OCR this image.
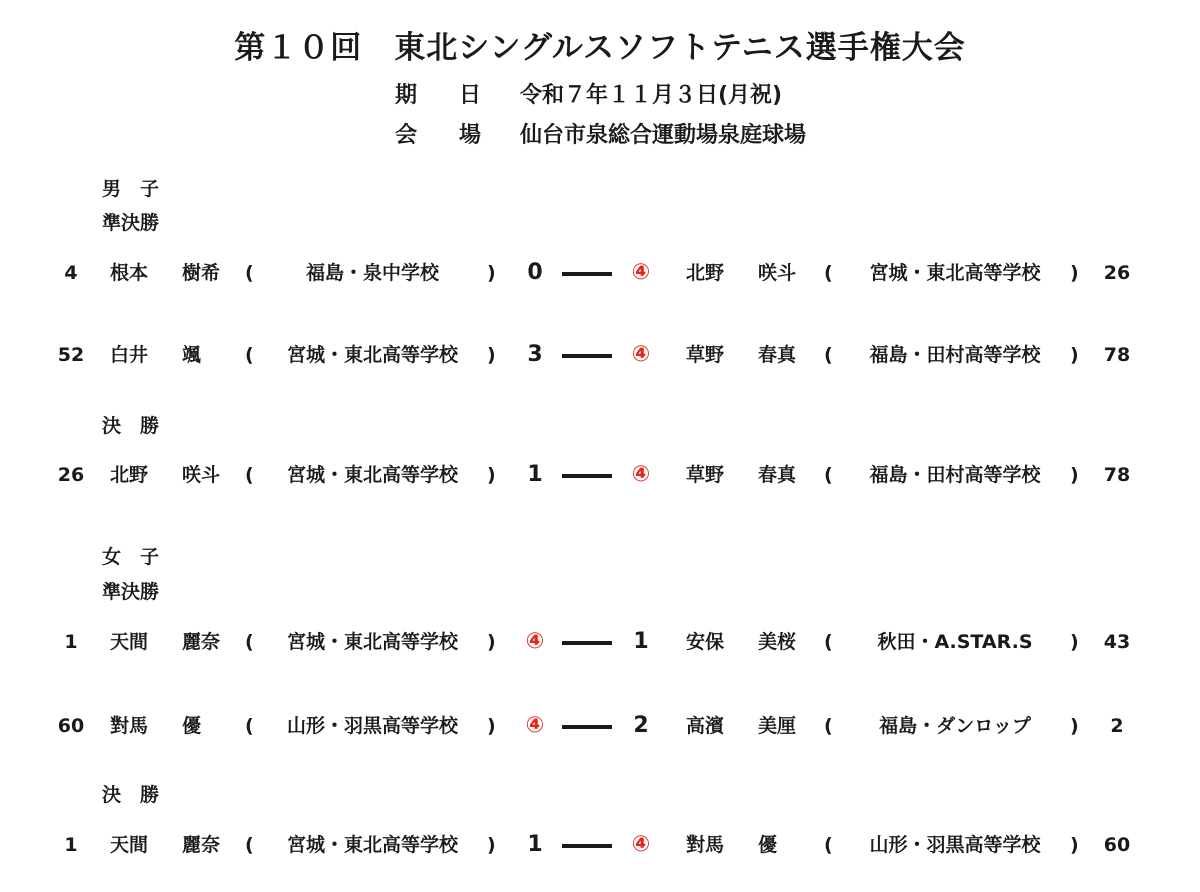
第１０回　東北シングルスソフトテニス選手権大会
期　日 令和７年１１月３日(月祝)
会　場 仙台市泉総合運動場泉庭球場
男　子
準決勝
決　勝
女　子
準決勝
決　勝
4	根本 樹希 (	福島・泉中学校	)	0	④	北野 咲斗 (	宮城・東北高等学校	)	26
52	白井 颯 (	宮城・東北高等学校	)	3	④	草野 春真 (	福島・田村高等学校	)	78
26	北野 咲斗 (	宮城・東北高等学校	)	1	④	草野 春真 (	福島・田村高等学校	)	78
1	天間 麗奈 (	宮城・東北高等学校	)	④	1	安保 美桜 (	秋田・A.STAR.S	)	43
60	對馬 優 (	山形・羽黒高等学校	)	④	2	高濱 美厘 (	福島・ダンロップ	)	2
1	天間 麗奈 (	宮城・東北高等学校	)	1	④	對馬 優 (	山形・羽黒高等学校	)	60
